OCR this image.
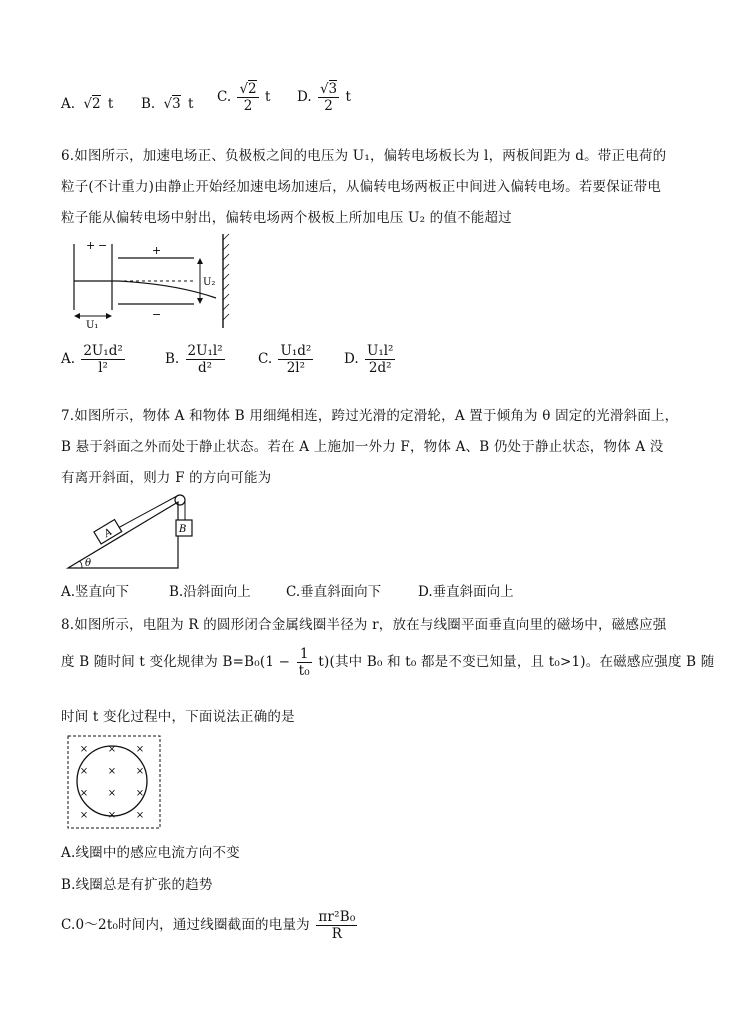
A. √2 t B. √3 t C. $\frac{√2}{2}$ t D. $\frac{√3}{2}$ t
6.如图所示，加速电场正、负极板之间的电压为 U₁，偏转电场板长为 l，两板间距为 d。带正电荷的
粒子(不计重力)由静止开始经加速电场加速后，从偏转电场两板正中间进入偏转电场。若要保证带电
粒子能从偏转电场中射出，偏转电场两个极板上所加电压 U₂ 的值不能超过
+ −	+
−
U₂
U₁
A. $\frac{\text{2U₁d²}}{\text{l²}}$	B. $\frac{\text{2U₁l²}}{\text{d²}} C$. $\frac{\text{U₁d²}}{\text{2l²}} D$. $\frac{\text{U₁l²}}{\text{2d²}}$
7.如图所示，物体 A 和物体 B 用细绳相连，跨过光滑的定滑轮，A 置于倾角为 θ 固定的光滑斜面上，
B 悬于斜面之外而处于静止状态。若在 A 上施加一外力 F，物体 A、B 仍处于静止状态，物体 A 没
有离开斜面，则力 F 的方向可能为
A	B
θ
A.竖直向下	B.沿斜面向上	C.垂直斜面向下	D.垂直斜面向上
8.如图所示，电阻为 R 的圆形闭合金属线圈半径为 r，放在与线圈平面垂直向里的磁场中，磁感应强
度 B 随时间 t 变化规律为 $B=B_0(1 - \frac{1}{\text{t₀}} t)$(其中 B₀ 和 t₀ 都是不变已知量，且 t₀>1)。在磁感应强度 B 随
时间 t 变化过程中，下面说法正确的是
× × ×
× × ×
× × ×
× × ×
A.线圈中的感应电流方向不变
B.线圈总是有扩张的趋势
C.0～2t₀时间内，通过线圈截面的电量为 $\frac{\text{πr²B₀}}{R}$
